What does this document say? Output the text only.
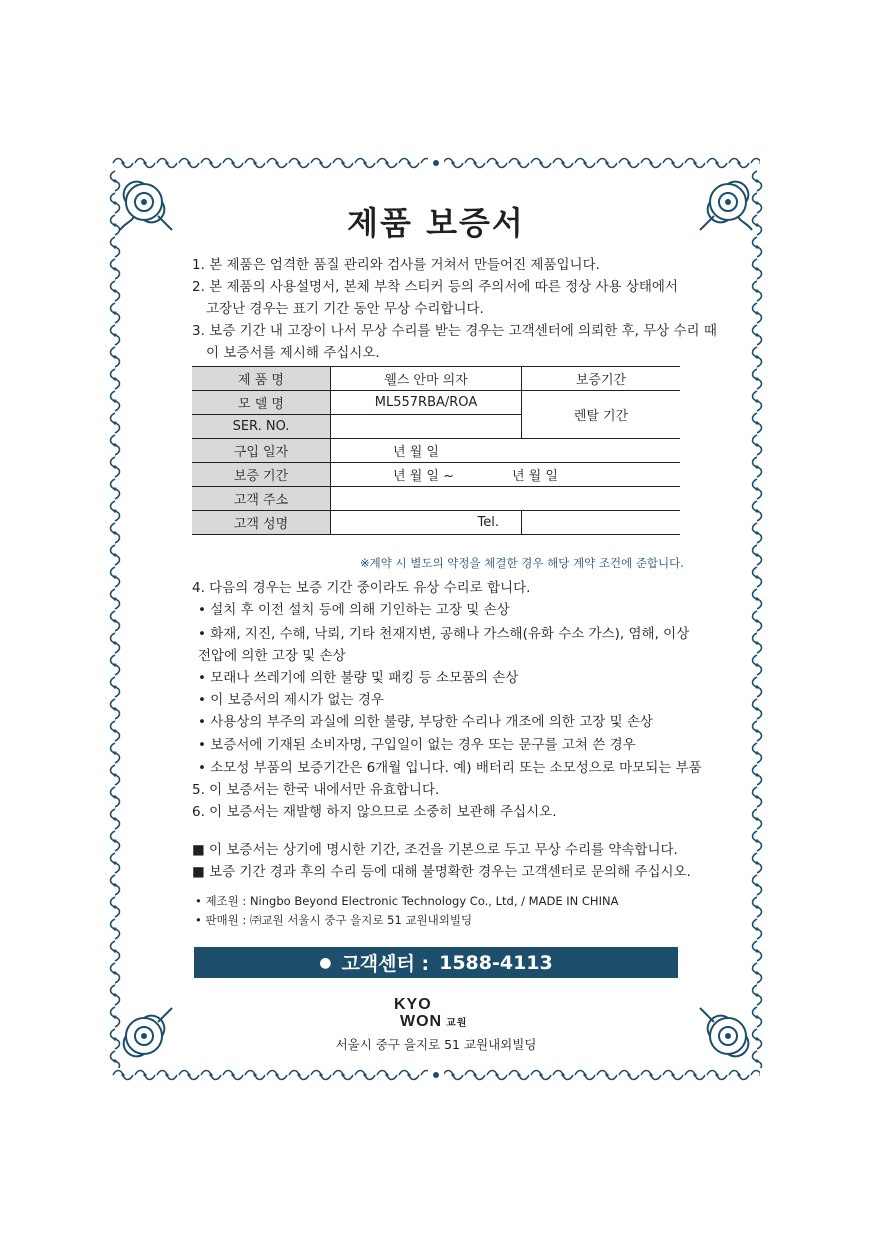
제품 보증서
1. 본 제품은 엄격한 품질 관리와 검사를 거쳐서 만들어진 제품입니다.
2. 본 제품의 사용설명서, 본체 부착 스티커 등의 주의서에 따른 정상 사용 상태에서
고장난 경우는 표기 기간 동안 무상 수리합니다.
3. 보증 기간 내 고장이 나서 무상 수리를 받는 경우는 고객센터에 의뢰한 후, 무상 수리 때
이 보증서를 제시해 주십시오.
제 품 명	웰스 안마 의자	보증기간
모 델 명	ML557RBA/ROA	렌탈 기간
SER. NO.		
구입 일자	년 월 일	
보증 기간	년 월 일 ~ 년 월 일	
고객 주소		
고객 성명	Tel.	
※계약 시 별도의 약정을 체결한 경우 해당 계약 조건에 준합니다.
4. 다음의 경우는 보증 기간 중이라도 유상 수리로 합니다.
• 설치 후 이전 설치 등에 의해 기인하는 고장 및 손상
• 화재, 지진, 수해, 낙뢰, 기타 천재지변, 공해나 가스해(유화 수소 가스), 염해, 이상
전압에 의한 고장 및 손상
• 모래나 쓰레기에 의한 불량 및 패킹 등 소모품의 손상
• 이 보증서의 제시가 없는 경우
• 사용상의 부주의 과실에 의한 불량, 부당한 수리나 개조에 의한 고장 및 손상
• 보증서에 기재된 소비자명, 구입일이 없는 경우 또는 문구를 고쳐 쓴 경우
• 소모성 부품의 보증기간은 6개월 입니다. 예) 배터리 또는 소모성으로 마모되는 부품
5. 이 보증서는 한국 내에서만 유효합니다.
6. 이 보증서는 재발행 하지 않으므로 소중히 보관해 주십시오.
■ 이 보증서는 상기에 명시한 기간, 조건을 기본으로 두고 무상 수리를 약속합니다.
■ 보증 기간 경과 후의 수리 등에 대해 불명확한 경우는 고객센터로 문의해 주십시오.
• 제조원 : Ningbo Beyond Electronic Technology Co., Ltd, / MADE IN CHINA
• 판매원 : ㈜교원 서울시 중구 을지로 51 교원내외빌딩
● 고객센터 : 1588-4113
KYO
WON 교원
서울시 중구 을지로 51 교원내외빌딩
